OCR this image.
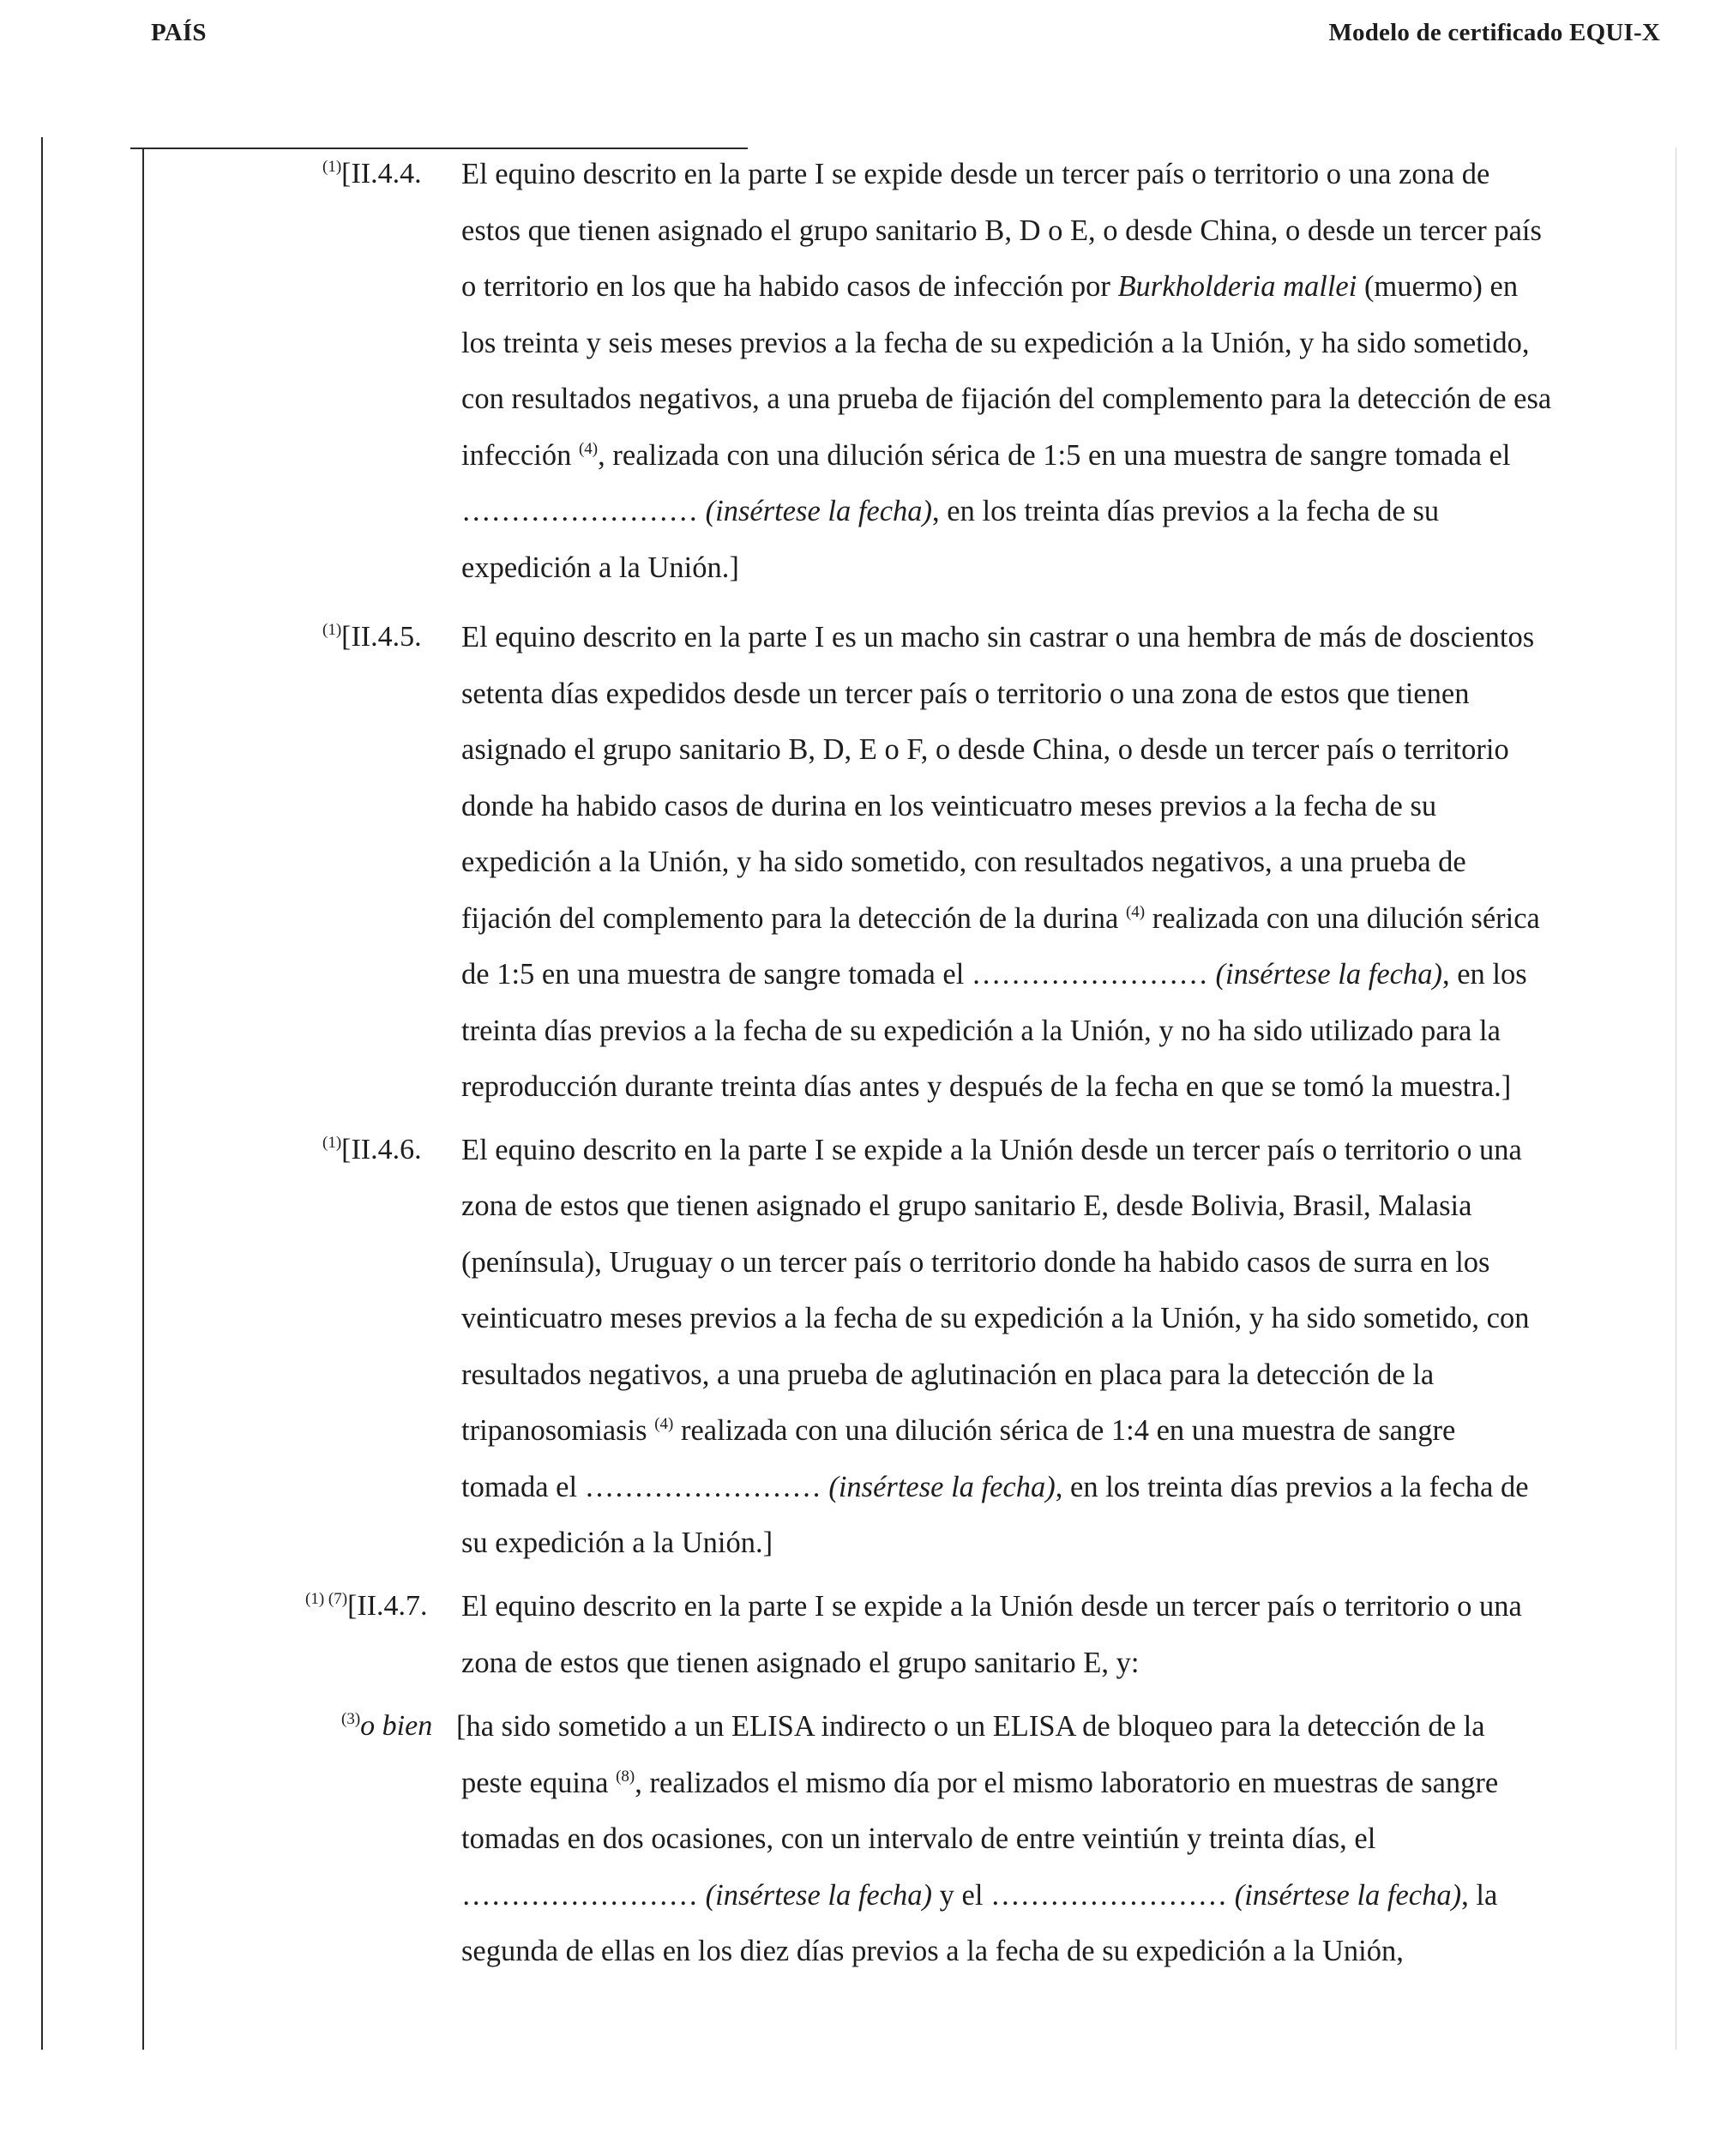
PAÍS	Modelo de certificado EQUI-X
$^{(1)}$[II.4.4. El equino descrito en la parte I se expide desde un tercer país o territorio o una zona de
estos que tienen asignado el grupo sanitario B, D o E, o desde China, o desde un tercer país
o territorio en los que ha habido casos de infección por Burkholderia mallei (muermo) en
los treinta y seis meses previos a la fecha de su expedición a la Unión, y ha sido sometido,
con resultados negativos, a una prueba de fijación del complemento para la detección de esa
infección $^{(4)}$, realizada con una dilución sérica de 1:5 en una muestra de sangre tomada el
…………………… (insértese la fecha), en los treinta días previos a la fecha de su
expedición a la Unión.]
$^{(1)}$[II.4.5. El equino descrito en la parte I es un macho sin castrar o una hembra de más de doscientos
setenta días expedidos desde un tercer país o territorio o una zona de estos que tienen
asignado el grupo sanitario B, D, E o F, o desde China, o desde un tercer país o territorio
donde ha habido casos de durina en los veinticuatro meses previos a la fecha de su
expedición a la Unión, y ha sido sometido, con resultados negativos, a una prueba de
fijación del complemento para la detección de la durina $^{(4)}$ realizada con una dilución sérica
de 1:5 en una muestra de sangre tomada el …………………… (insértese la fecha), en los
treinta días previos a la fecha de su expedición a la Unión, y no ha sido utilizado para la
reproducción durante treinta días antes y después de la fecha en que se tomó la muestra.]
$^{(1)}$[II.4.6. El equino descrito en la parte I se expide a la Unión desde un tercer país o territorio o una
zona de estos que tienen asignado el grupo sanitario E, desde Bolivia, Brasil, Malasia
(península), Uruguay o un tercer país o territorio donde ha habido casos de surra en los
veinticuatro meses previos a la fecha de su expedición a la Unión, y ha sido sometido, con
resultados negativos, a una prueba de aglutinación en placa para la detección de la
tripanosomiasis $^{(4)}$ realizada con una dilución sérica de 1:4 en una muestra de sangre
tomada el …………………… (insértese la fecha), en los treinta días previos a la fecha de
su expedición a la Unión.]
$^{(1) (7)}$[II.4.7. El equino descrito en la parte I se expide a la Unión desde un tercer país o territorio o una
zona de estos que tienen asignado el grupo sanitario E, y:
$^{(3)}$o bien [ha sido sometido a un ELISA indirecto o un ELISA de bloqueo para la detección de la
peste equina $^{(8)}$, realizados el mismo día por el mismo laboratorio en muestras de sangre
tomadas en dos ocasiones, con un intervalo de entre veintiún y treinta días, el
…………………… (insértese la fecha) y el …………………… (insértese la fecha), la
segunda de ellas en los diez días previos a la fecha de su expedición a la Unión,
